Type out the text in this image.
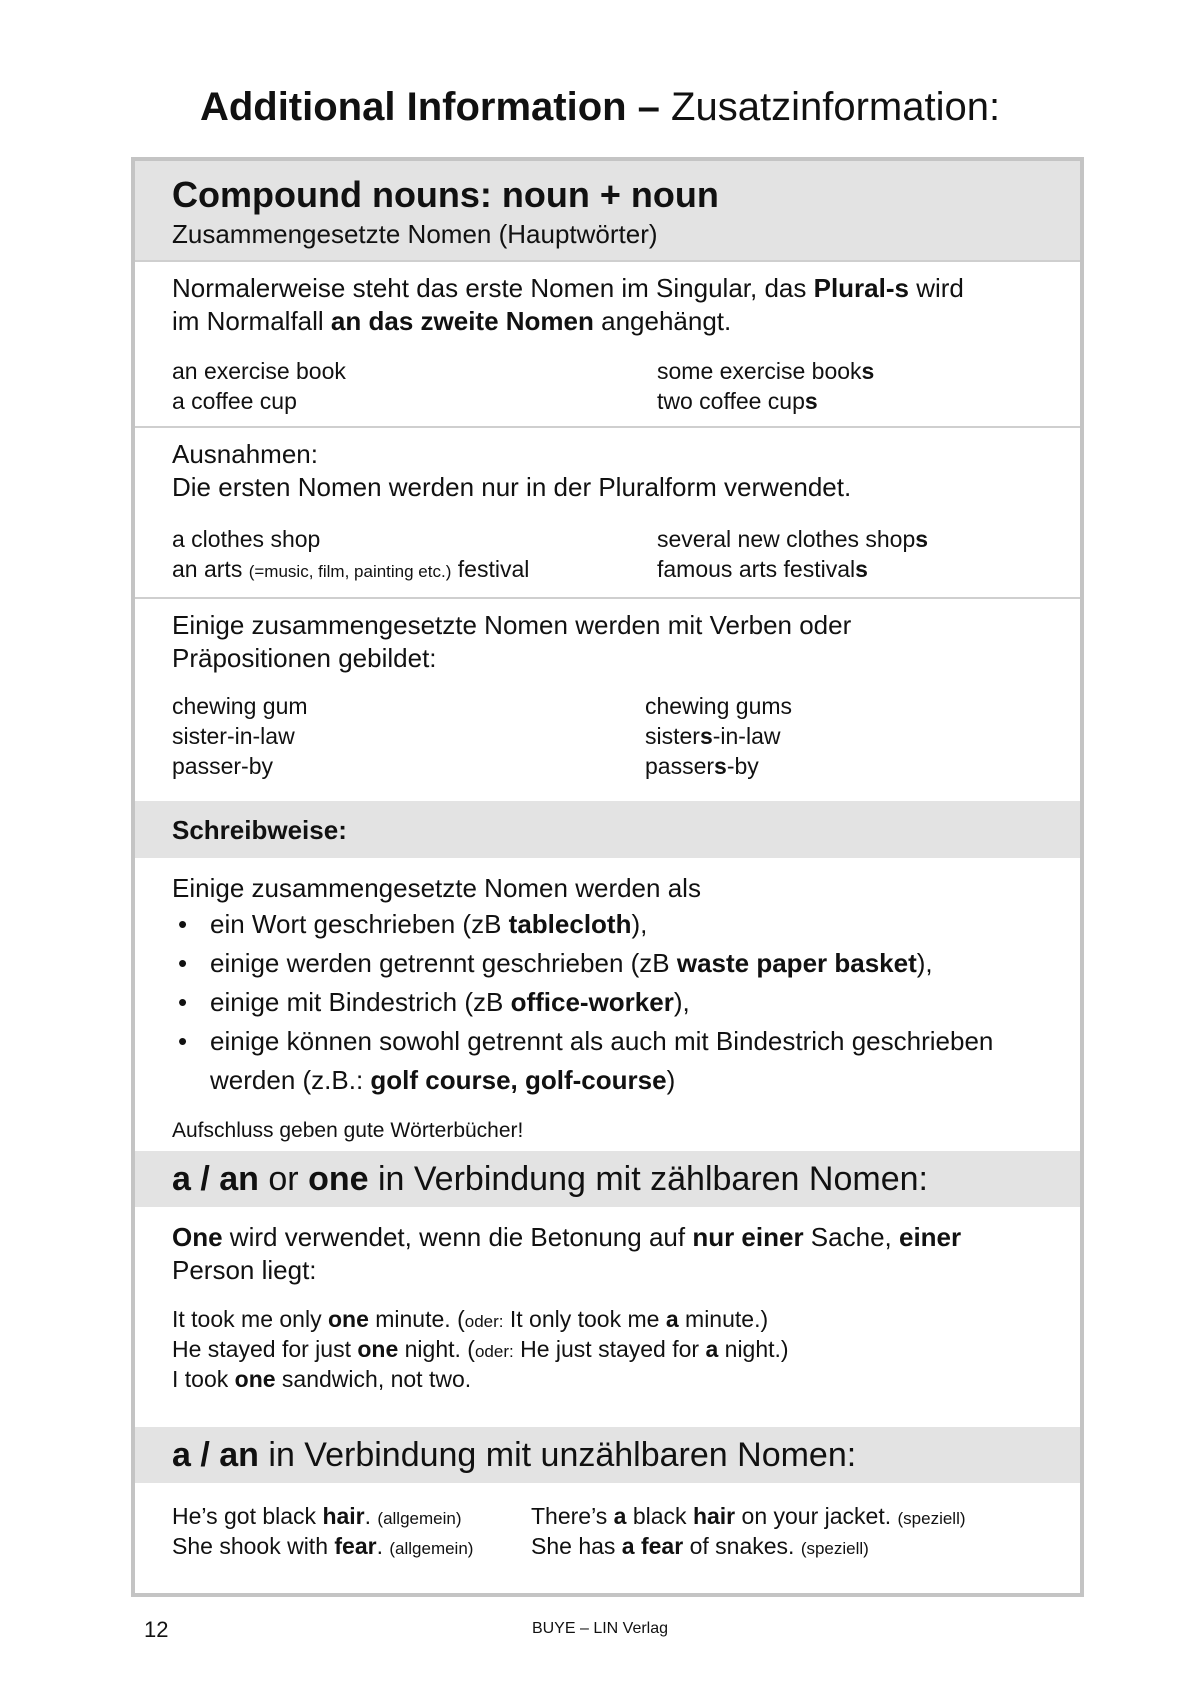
Additional Information – Zusatzinformation:
Compound nouns: noun + noun
Zusammengesetzte Nomen (Hauptwörter)
Normalerweise steht das erste Nomen im Singular, das Plural-s wird
im Normalfall an das zweite Nomen angehängt.
an exercise book	some exercise books
a coffee cup	two coffee cups
Ausnahmen:
Die ersten Nomen werden nur in der Pluralform verwendet.
a clothes shop	several new clothes shops
an arts (=music, film, painting etc.) festival	famous arts festivals
Einige zusammengesetzte Nomen werden mit Verben oder
Präpositionen gebildet:
chewing gum	chewing gums
sister-in-law	sisters-in-law
passer-by	passers-by
Schreibweise:
Einige zusammengesetzte Nomen werden als
• ein Wort geschrieben (zB tablecloth),
• einige werden getrennt geschrieben (zB waste paper basket),
• einige mit Bindestrich (zB office-worker),
• einige können sowohl getrennt als auch mit Bindestrich geschrieben
werden (z.B.: golf course, golf-course)
Aufschluss geben gute Wörterbücher!
a / an or one in Verbindung mit zählbaren Nomen:
One wird verwendet, wenn die Betonung auf nur einer Sache, einer
Person liegt:
It took me only one minute. (oder: It only took me a minute.)
He stayed for just one night. (oder: He just stayed for a night.)
I took one sandwich, not two.
a / an in Verbindung mit unzählbaren Nomen:
He’s got black hair. (allgemein)	There’s a black hair on your jacket. (speziell)
She shook with fear. (allgemein)	She has a fear of snakes. (speziell)
12	BUYE – LIN Verlag
